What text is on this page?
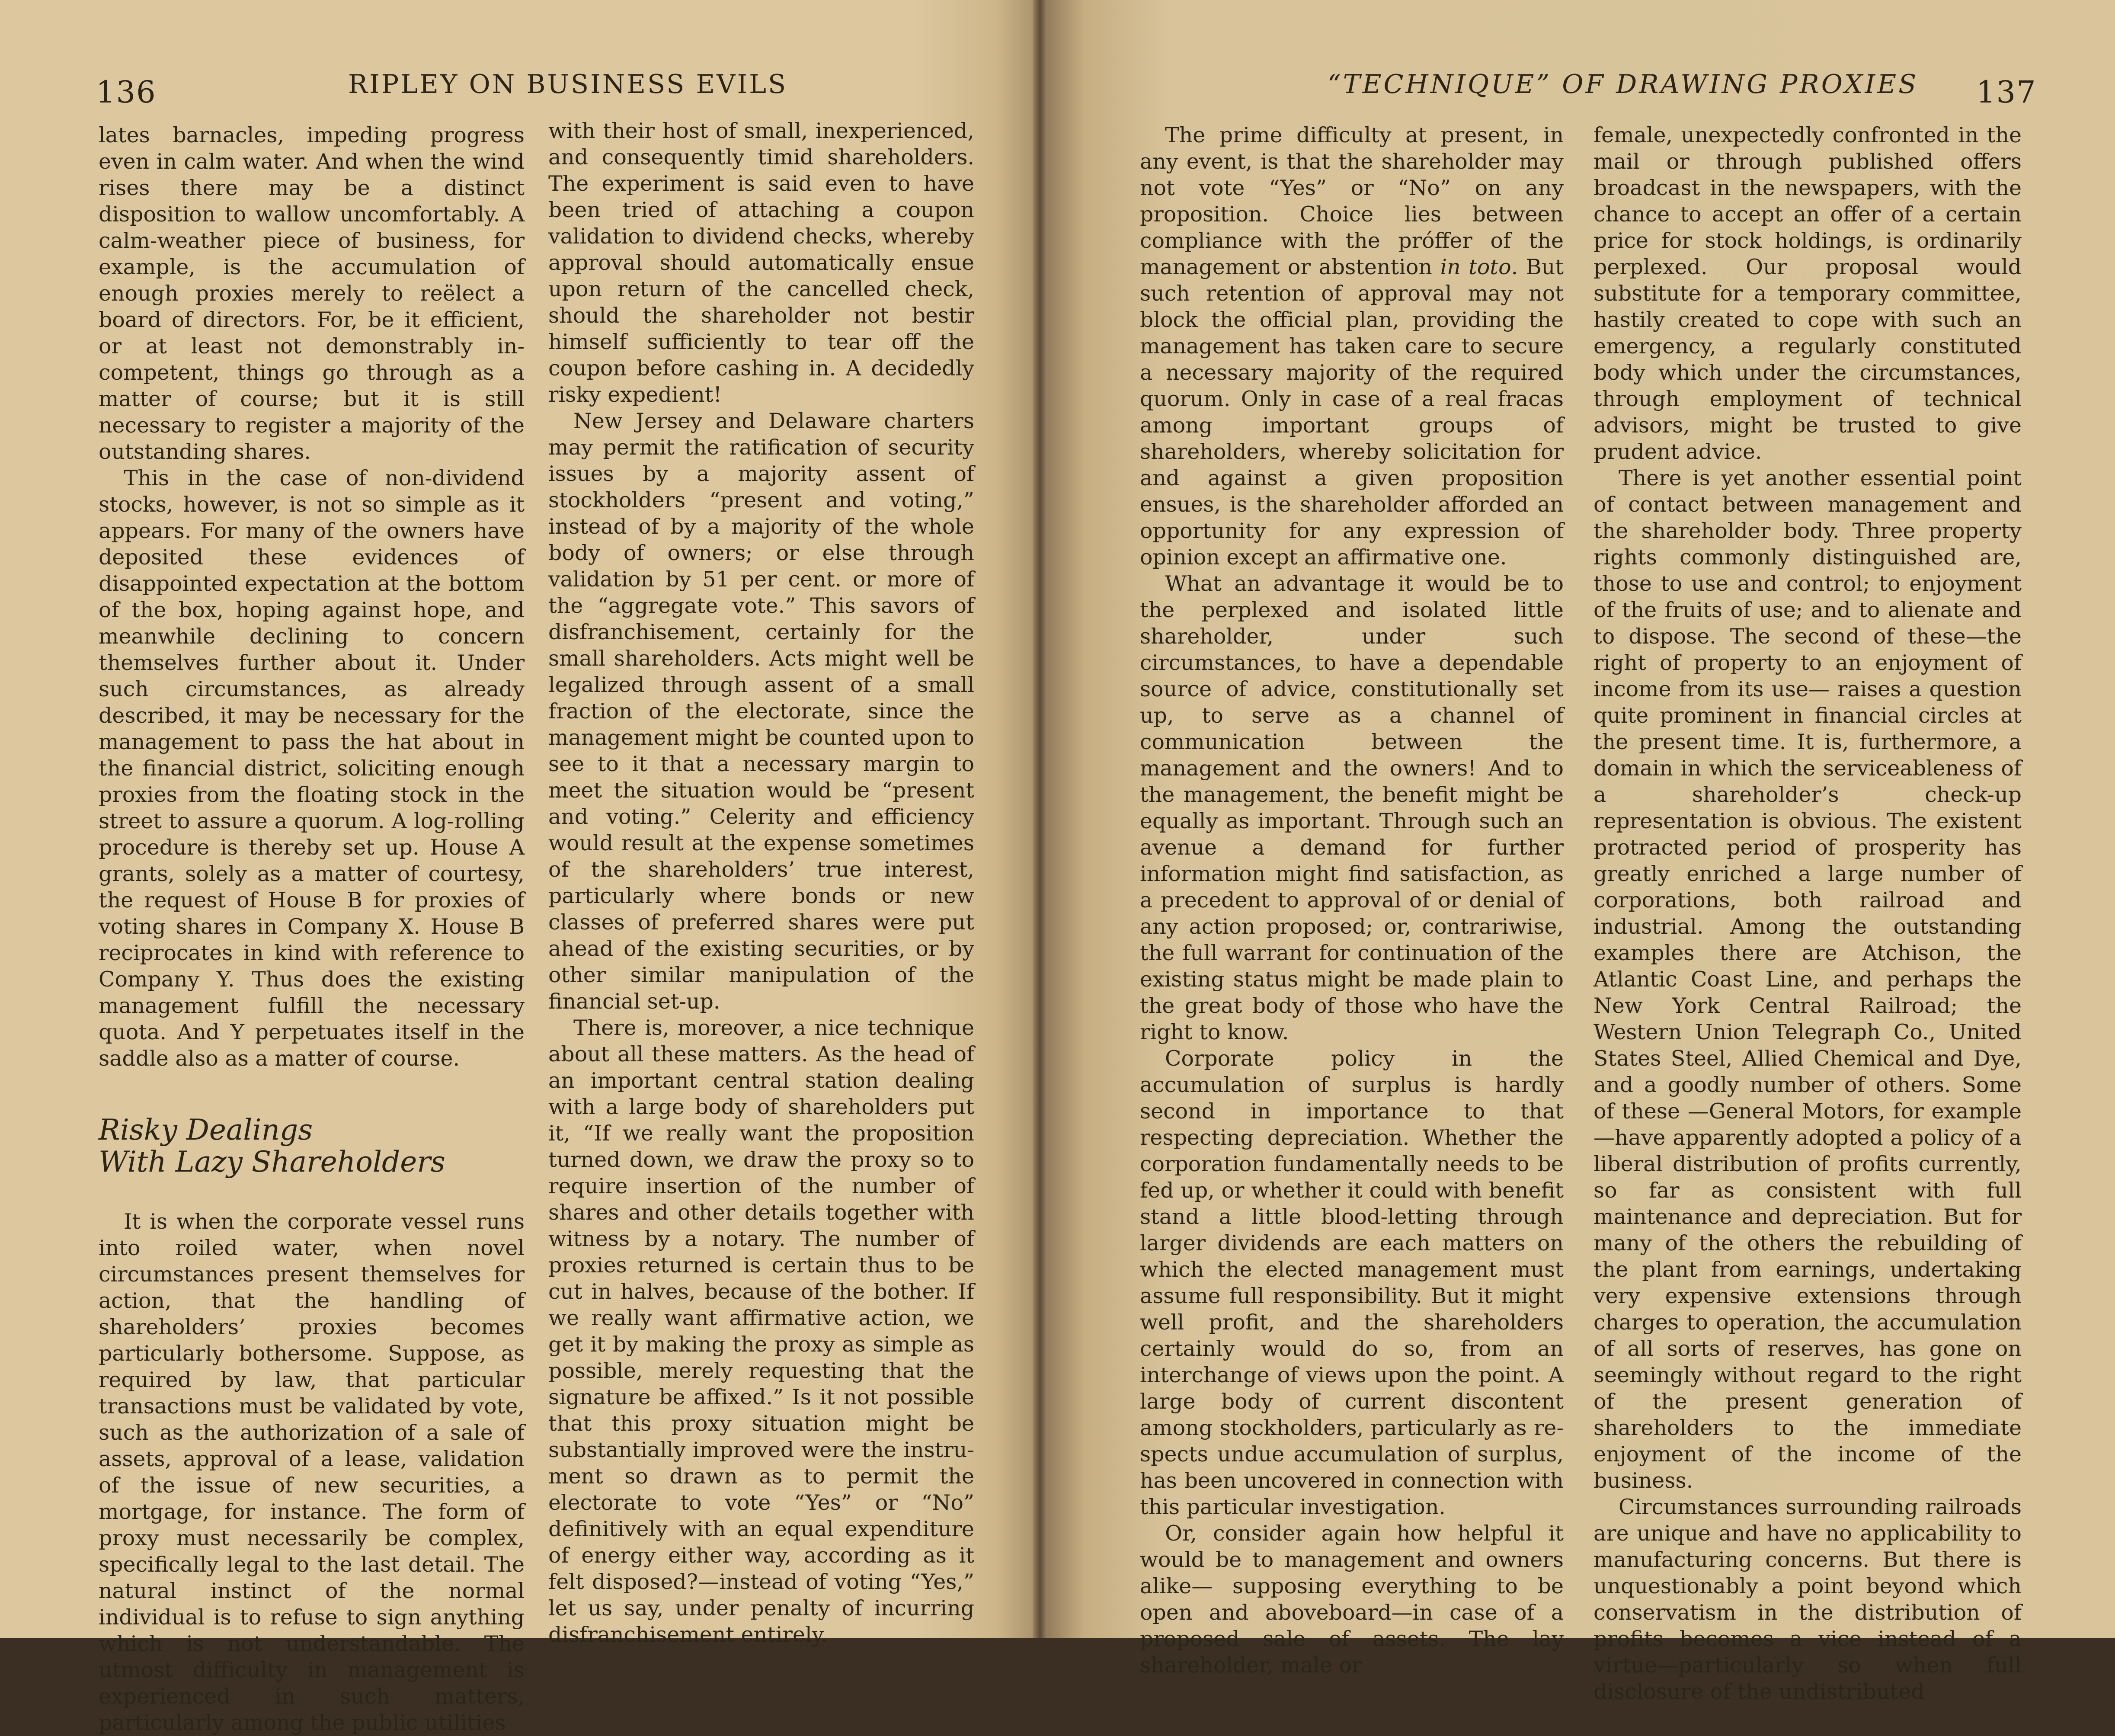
136	RIPLEY ON BUSINESS EVILS

lates barnacles, impeding progress even in calm water. And when the wind rises there may be a distinct disposition to wallow uncomfortably. A calm-weather piece of business, for example, is the accumulation of enough proxies merely to reëlect a board of directors. For, be it efficient, or at least not demonstrably incompetent, things go through as a matter of course; but it is still necessary to register a majority of the outstanding shares.

This in the case of non-dividend stocks, however, is not so simple as it appears. For many of the owners have deposited these evidences of disappointed expectation at the bottom of the box, hoping against hope, and meanwhile declining to concern themselves further about it. Under such circumstances, as already described, it may be necessary for the management to pass the hat about in the financial district, soliciting enough proxies from the floating stock in the street to assure a quorum. A log-rolling procedure is thereby set up. House A grants, solely as a matter of courtesy, the request of House B for proxies of voting shares in Company X. House B reciprocates in kind with reference to Company Y. Thus does the existing management fulfill the necessary quota. And Y perpetuates itself in the saddle also as a matter of course.

Risky Dealings
With Lazy Shareholders

It is when the corporate vessel runs into roiled water, when novel circumstances present themselves for action, that the handling of shareholders’ proxies becomes particularly bothersome. Suppose, as required by law, that particular transactions must be validated by vote, such as the authorization of a sale of assets, approval of a lease, validation of the issue of new securities, a mortgage, for instance. The form of proxy must necessarily be complex, specifically legal to the last detail. The natural instinct of the normal individual is to refuse to sign anything which is not understandable. The utmost difficulty in management is experienced in such matters, particularly among the public utilities

with their host of small, inexperienced, and consequently timid shareholders. The experiment is said even to have been tried of attaching a coupon validation to dividend checks, whereby approval should automatically ensue upon return of the cancelled check, should the shareholder not bestir himself sufficiently to tear off the coupon before cashing in. A decidedly risky expedient!

New Jersey and Delaware charters may permit the ratification of security issues by a majority assent of stockholders “present and voting,” instead of by a majority of the whole body of owners; or else through validation by 51 per cent. or more of the “aggregate vote.” This savors of disfranchisement, certainly for the small shareholders. Acts might well be legalized through assent of a small fraction of the electorate, since the management might be counted upon to see to it that a necessary margin to meet the situation would be “present and voting.” Celerity and efficiency would result at the expense sometimes of the shareholders’ true interest, particularly where bonds or new classes of preferred shares were put ahead of the existing securities, or by other similar manipulation of the financial set-up.

There is, moreover, a nice technique about all these matters. As the head of an important central station dealing with a large body of shareholders put it, “If we really want the proposition turned down, we draw the proxy so to require insertion of the number of shares and other details together with witness by a notary. The number of proxies returned is certain thus to be cut in halves, because of the bother. If we really want affirmative action, we get it by making the proxy as simple as possible, merely requesting that the signature be affixed.” Is it not possible that this proxy situation might be substantially improved were the instrument so drawn as to permit the electorate to vote “Yes” or “No” definitively with an equal expenditure of energy either way, according as it felt disposed?—instead of voting “Yes,” let us say, under penalty of incurring disfranchisement entirely.

“TECHNIQUE” OF DRAWING PROXIES 137

The prime difficulty at present, in any event, is that the shareholder may not vote “Yes” or “No” on any proposition. Choice lies between compliance with the próffer of the management or abstention in toto. But such retention of approval may not block the official plan, providing the management has taken care to secure a necessary majority of the required quorum. Only in case of a real fracas among important groups of shareholders, whereby solicitation for and against a given proposition ensues, is the shareholder afforded an opportunity for any expression of opinion except an affirmative one.

What an advantage it would be to the perplexed and isolated little shareholder, under such circumstances, to have a dependable source of advice, constitutionally set up, to serve as a channel of communication between the management and the owners! And to the management, the benefit might be equally as important. Through such an avenue a demand for further information might find satisfaction, as a precedent to approval of or denial of any action proposed; or, contrariwise, the full warrant for continuation of the existing status might be made plain to the great body of those who have the right to know.

Corporate policy in the accumulation of surplus is hardly second in importance to that respecting depreciation. Whether the corporation fundamentally needs to be fed up, or whether it could with benefit stand a little blood-letting through larger dividends are each matters on which the elected management must assume full responsibility. But it might well profit, and the shareholders certainly would do so, from an interchange of views upon the point. A large body of current discontent among stockholders, particularly as respects undue accumulation of surplus, has been uncovered in connection with this particular investigation.

Or, consider again how helpful it would be to management and owners alike— supposing everything to be open and aboveboard—in case of a proposed sale of assets. The lay shareholder, male or

female, unexpectedly confronted in the mail or through published offers broadcast in the newspapers, with the chance to accept an offer of a certain price for stock holdings, is ordinarily perplexed. Our proposal would substitute for a temporary committee, hastily created to cope with such an emergency, a regularly constituted body which under the circumstances, through employment of technical advisors, might be trusted to give prudent advice.

There is yet another essential point of contact between management and the shareholder body. Three property rights commonly distinguished are, those to use and control; to enjoyment of the fruits of use; and to alienate and to dispose. The second of these—the right of property to an enjoyment of income from its use— raises a question quite prominent in financial circles at the present time. It is, furthermore, a domain in which the serviceableness of a shareholder’s check-up representation is obvious. The existent protracted period of prosperity has greatly enriched a large number of corporations, both railroad and industrial. Among the outstanding examples there are Atchison, the Atlantic Coast Line, and perhaps the New York Central Railroad; the Western Union Telegraph Co., United States Steel, Allied Chemical and Dye, and a goodly number of others. Some of these —General Motors, for example—have apparently adopted a policy of a liberal distribution of profits currently, so far as consistent with full maintenance and depreciation. But for many of the others the rebuilding of the plant from earnings, undertaking very expensive extensions through charges to operation, the accumulation of all sorts of reserves, has gone on seemingly without regard to the right of the present generation of shareholders to the immediate enjoyment of the income of the business.

Circumstances surrounding railroads are unique and have no applicability to manufacturing concerns. But there is unquestionably a point beyond which conservatism in the distribution of profits becomes a vice instead of a virtue—particularly so when full disclosure of the undistributed
